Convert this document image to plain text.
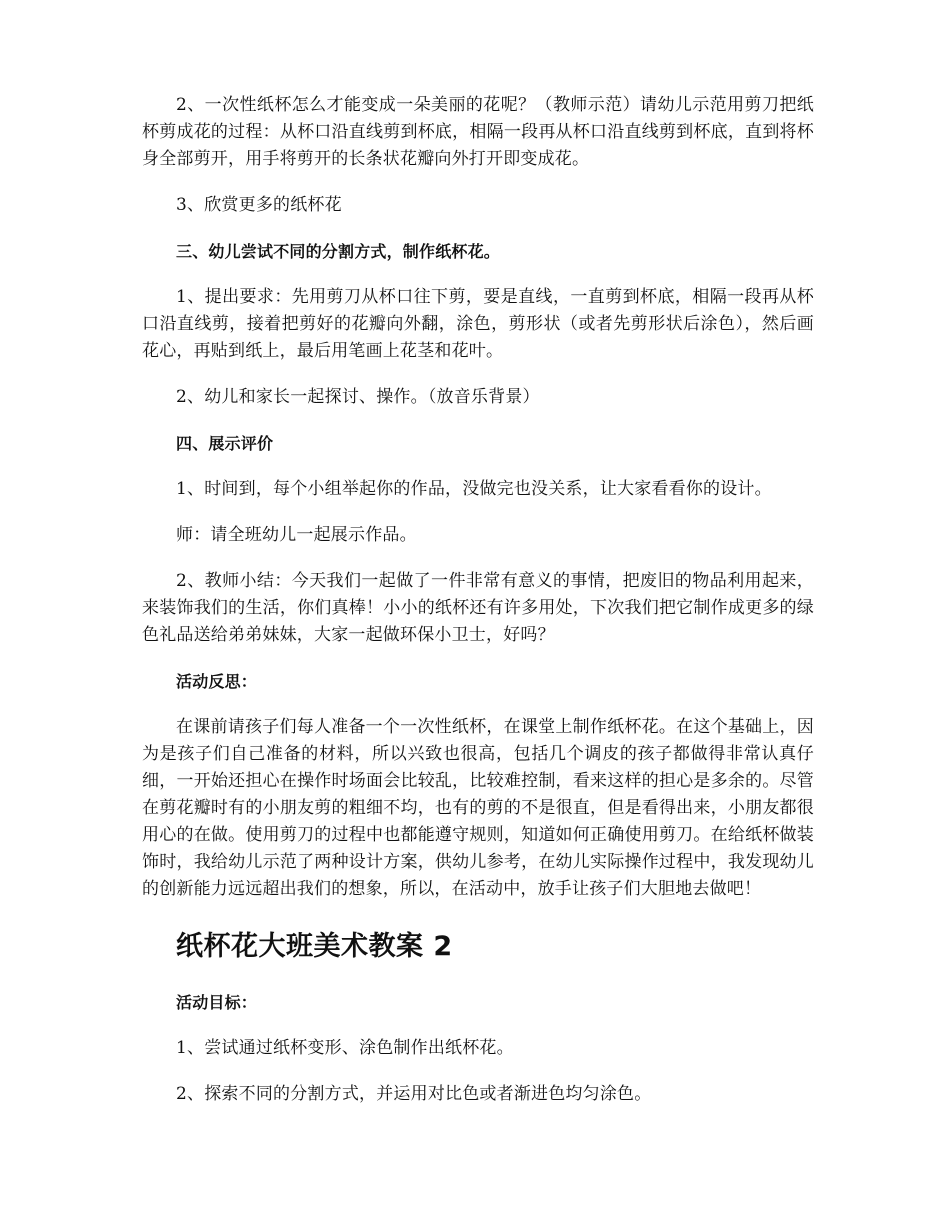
2、一次性纸杯怎么才能变成一朵美丽的花呢？（教师示范）请幼儿示范用剪刀把纸杯剪成花的过程：从杯口沿直线剪到杯底，相隔一段再从杯口沿直线剪到杯底，直到将杯身全部剪开，用手将剪开的长条状花瓣向外打开即变成花。

3、欣赏更多的纸杯花

三、幼儿尝试不同的分割方式，制作纸杯花。

1、提出要求：先用剪刀从杯口往下剪，要是直线，一直剪到杯底，相隔一段再从杯口沿直线剪，接着把剪好的花瓣向外翻，涂色，剪形状（或者先剪形状后涂色），然后画花心，再贴到纸上，最后用笔画上花茎和花叶。

2、幼儿和家长一起探讨、操作。（放音乐背景）

四、展示评价

1、时间到，每个小组举起你的作品，没做完也没关系，让大家看看你的设计。

师：请全班幼儿一起展示作品。

2、教师小结：今天我们一起做了一件非常有意义的事情，把废旧的物品利用起来，来装饰我们的生活，你们真棒！小小的纸杯还有许多用处，下次我们把它制作成更多的绿色礼品送给弟弟妹妹，大家一起做环保小卫士，好吗？

活动反思：

在课前请孩子们每人准备一个一次性纸杯，在课堂上制作纸杯花。在这个基础上，因为是孩子们自己准备的材料，所以兴致也很高，包括几个调皮的孩子都做得非常认真仔细，一开始还担心在操作时场面会比较乱，比较难控制，看来这样的担心是多余的。尽管在剪花瓣时有的小朋友剪的粗细不均，也有的剪的不是很直，但是看得出来，小朋友都很用心的在做。使用剪刀的过程中也都能遵守规则，知道如何正确使用剪刀。在给纸杯做装饰时，我给幼儿示范了两种设计方案，供幼儿参考，在幼儿实际操作过程中，我发现幼儿的创新能力远远超出我们的想象，所以，在活动中，放手让孩子们大胆地去做吧！

纸杯花大班美术教案 2

活动目标：

1、尝试通过纸杯变形、涂色制作出纸杯花。

2、探索不同的分割方式，并运用对比色或者渐进色均匀涂色。
